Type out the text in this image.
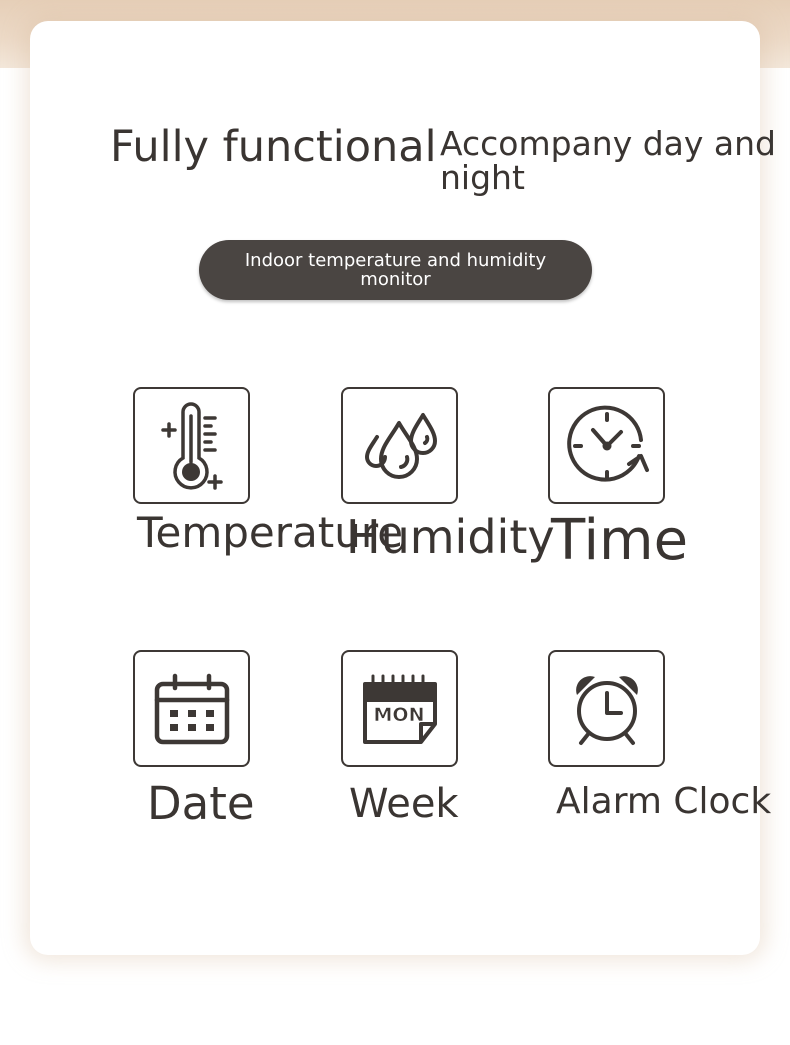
Fully functional Accompany day and night
Indoor temperature and humidity monitor
Temperature
Humidity
Time
Date
MON
Week	Alarm Clock
